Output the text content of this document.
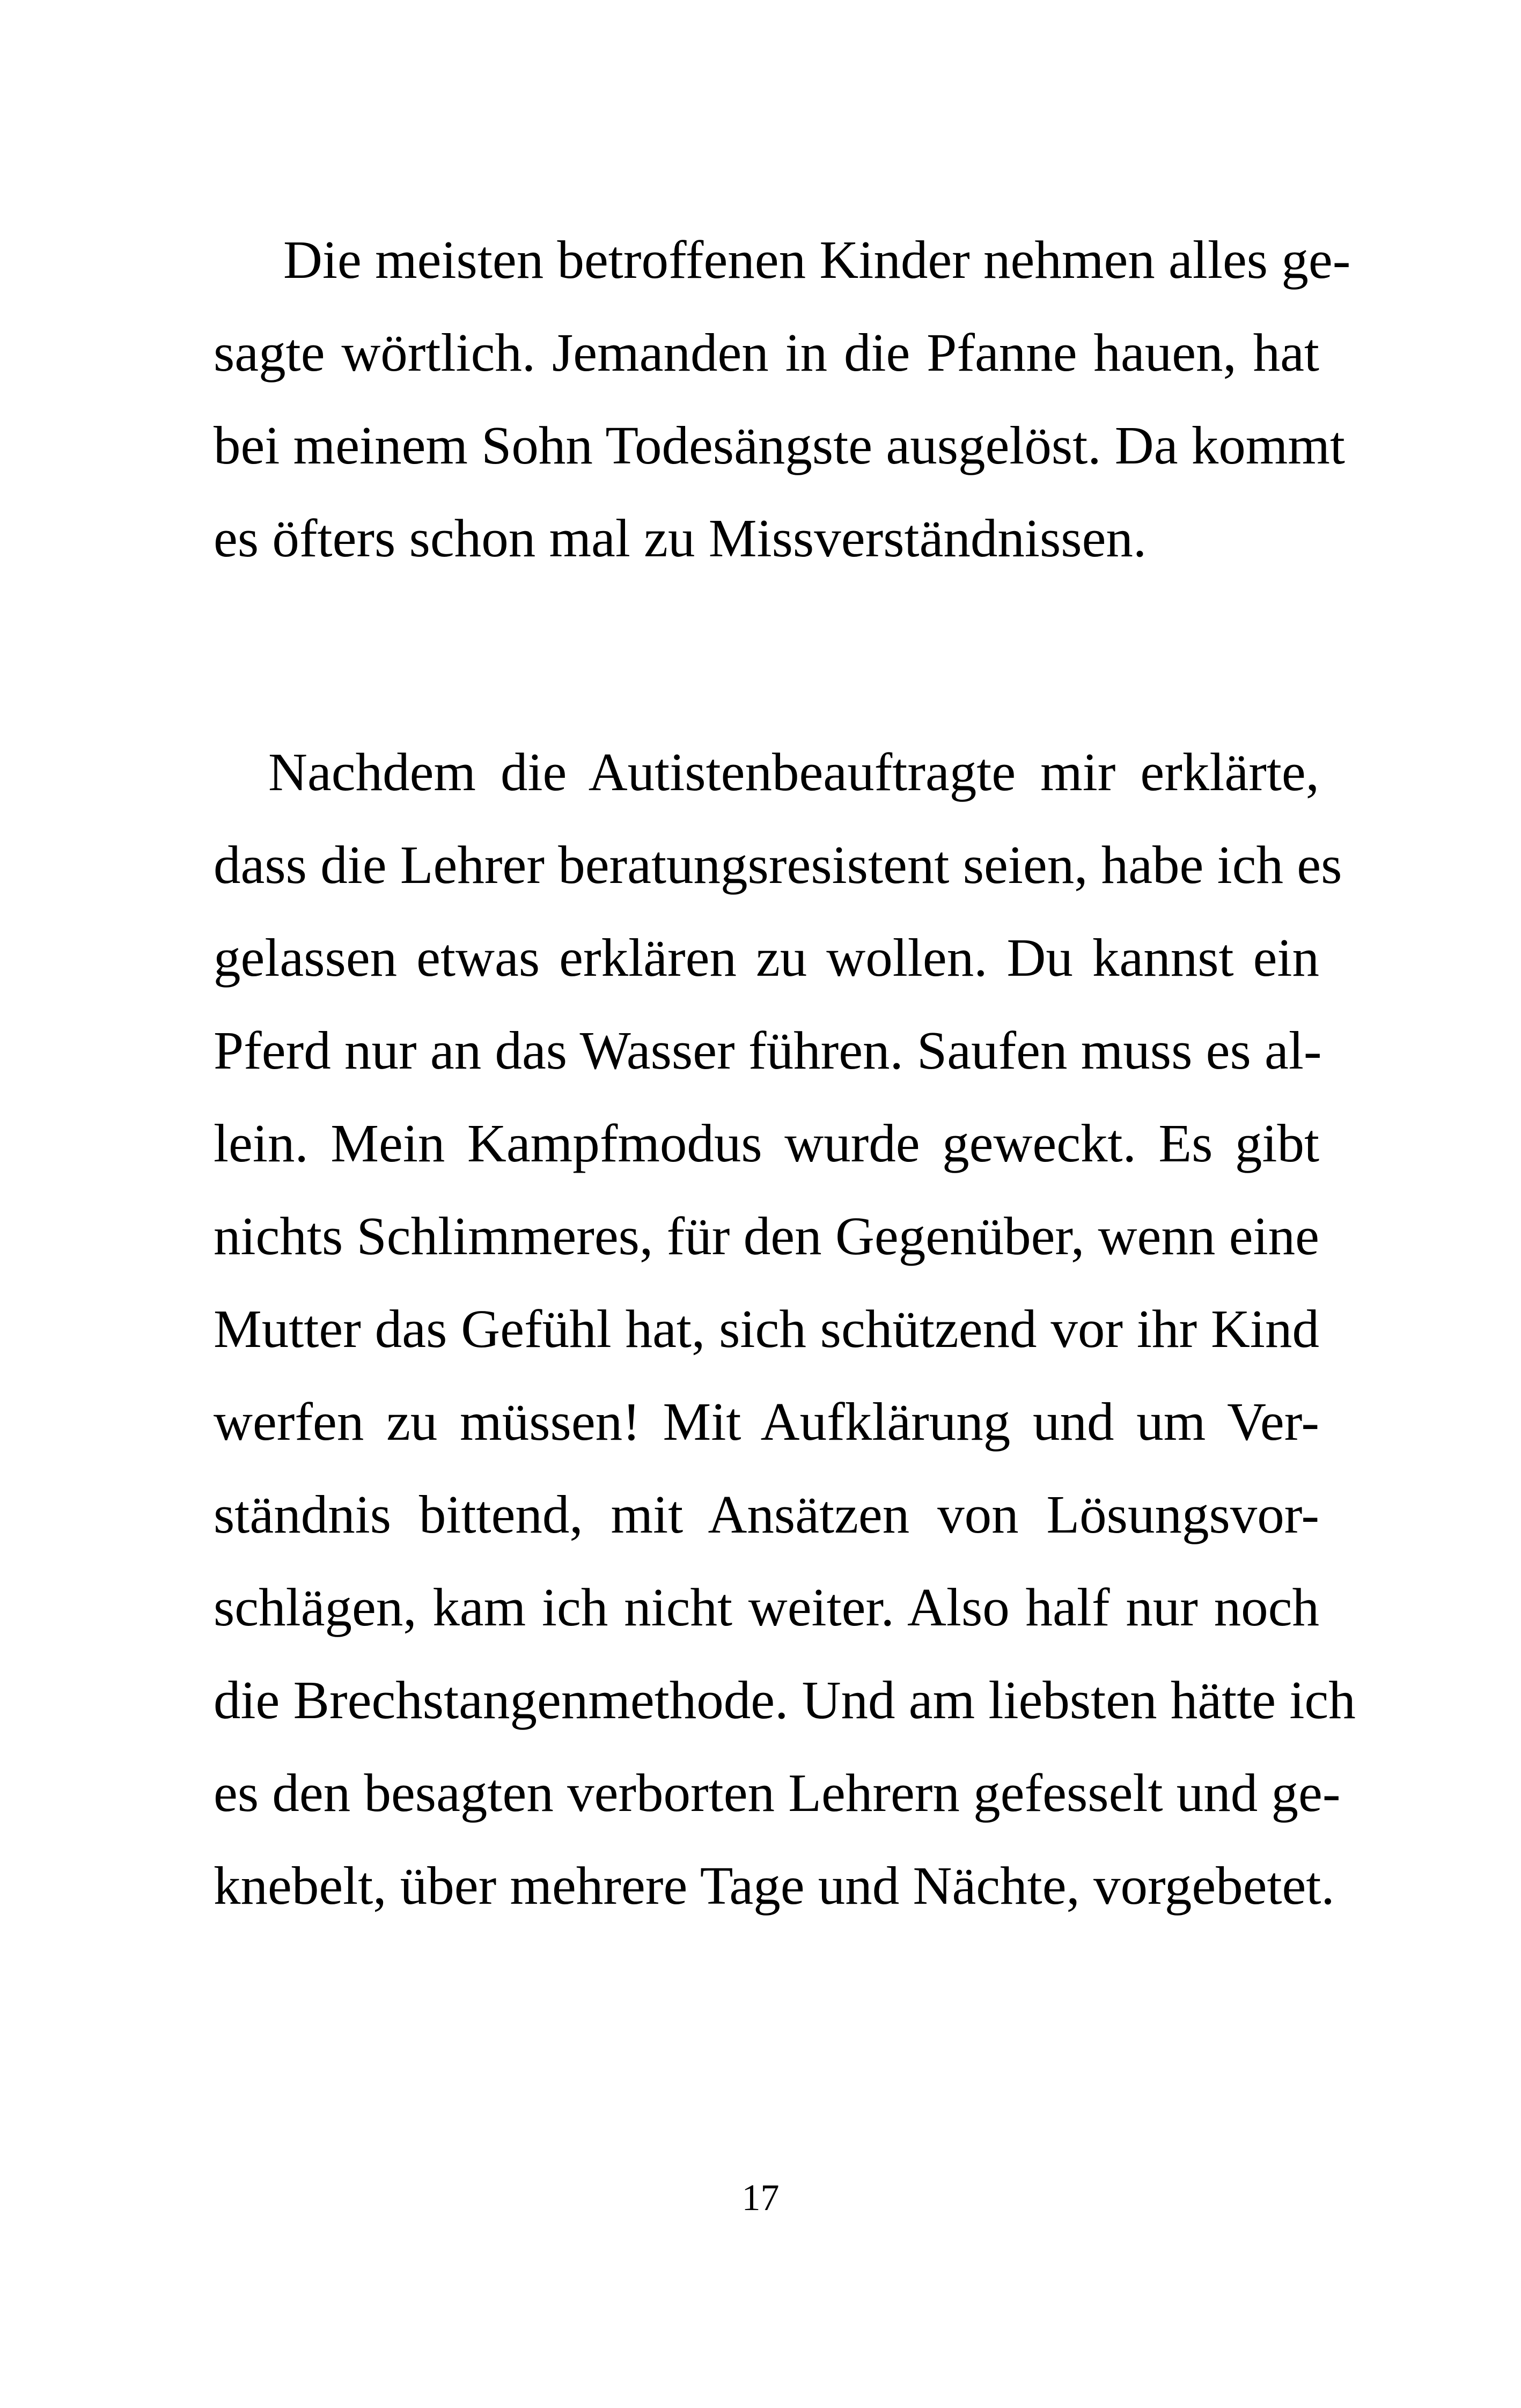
Die meisten betroffenen Kinder nehmen alles ge-
sagte wörtlich. Jemanden in die Pfanne hauen, hat
bei meinem Sohn Todesängste ausgelöst. Da kommt
es öfters schon mal zu Missverständnissen.
Nachdem die Autistenbeauftragte mir erklärte,
dass die Lehrer beratungsresistent seien, habe ich es
gelassen etwas erklären zu wollen. Du kannst ein
Pferd nur an das Wasser führen. Saufen muss es al-
lein. Mein Kampfmodus wurde geweckt. Es gibt
nichts Schlimmeres, für den Gegenüber, wenn eine
Mutter das Gefühl hat, sich schützend vor ihr Kind
werfen zu müssen! Mit Aufklärung und um Ver-
ständnis bittend, mit Ansätzen von Lösungsvor-
schlägen, kam ich nicht weiter. Also half nur noch
die Brechstangenmethode. Und am liebsten hätte ich
es den besagten verborten Lehrern gefesselt und ge-
knebelt, über mehrere Tage und Nächte, vorgebetet.
17
